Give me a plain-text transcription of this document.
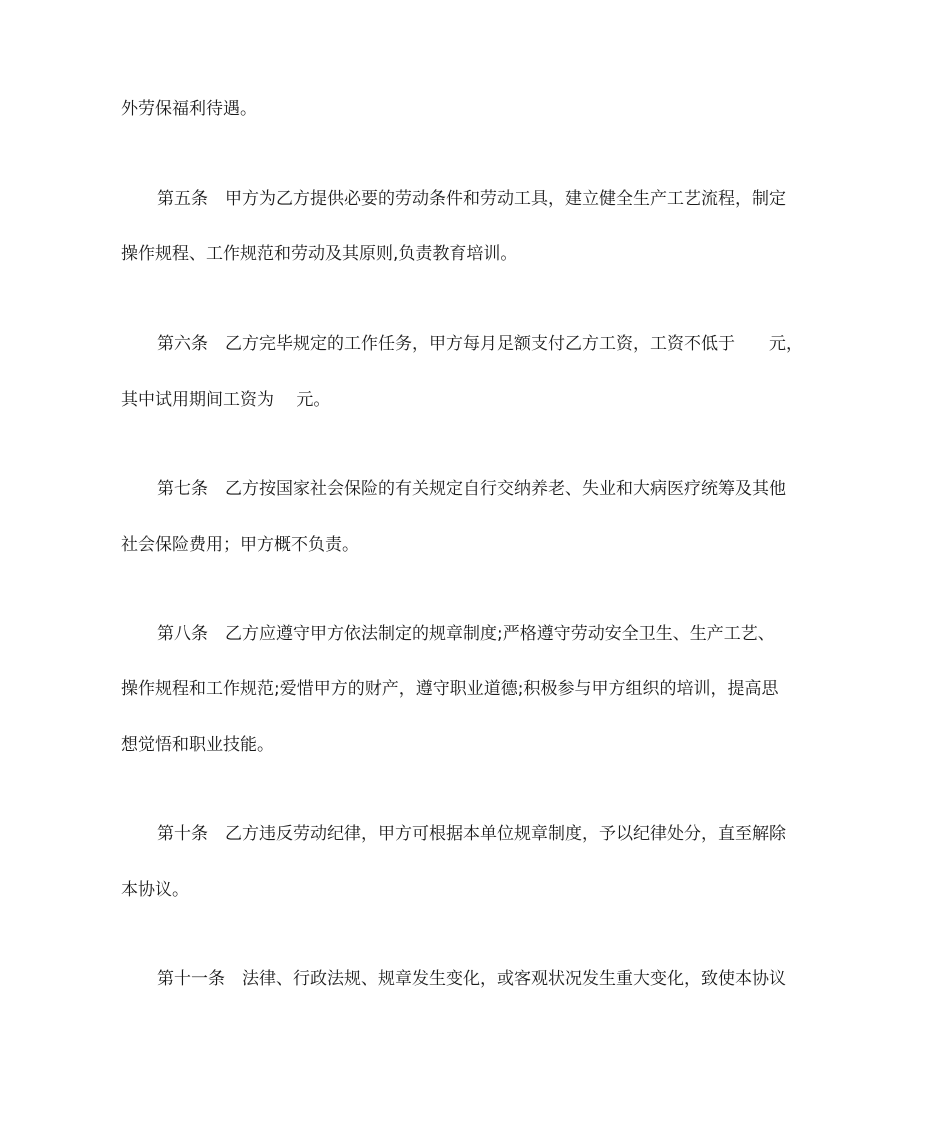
外劳保福利待遇。
第五条　甲方为乙方提供必要的劳动条件和劳动工具，建立健全生产工艺流程，制定
操作规程、工作规范和劳动及其原则,负责教育培训。
第六条　乙方完毕规定的工作任务，甲方每月足额支付乙方工资，工资不低于　　元，
其中试用期间工资为　 元。
第七条　乙方按国家社会保险的有关规定自行交纳养老、失业和大病医疗统筹及其他
社会保险费用；甲方概不负责。
第八条　乙方应遵守甲方依法制定的规章制度;严格遵守劳动安全卫生、生产工艺、
操作规程和工作规范;爱惜甲方的财产，遵守职业道德;积极参与甲方组织的培训，提高思
想觉悟和职业技能。
第十条　乙方违反劳动纪律，甲方可根据本单位规章制度，予以纪律处分，直至解除
本协议。
第十一条　法律、行政法规、规章发生变化，或客观状况发生重大变化，致使本协议
